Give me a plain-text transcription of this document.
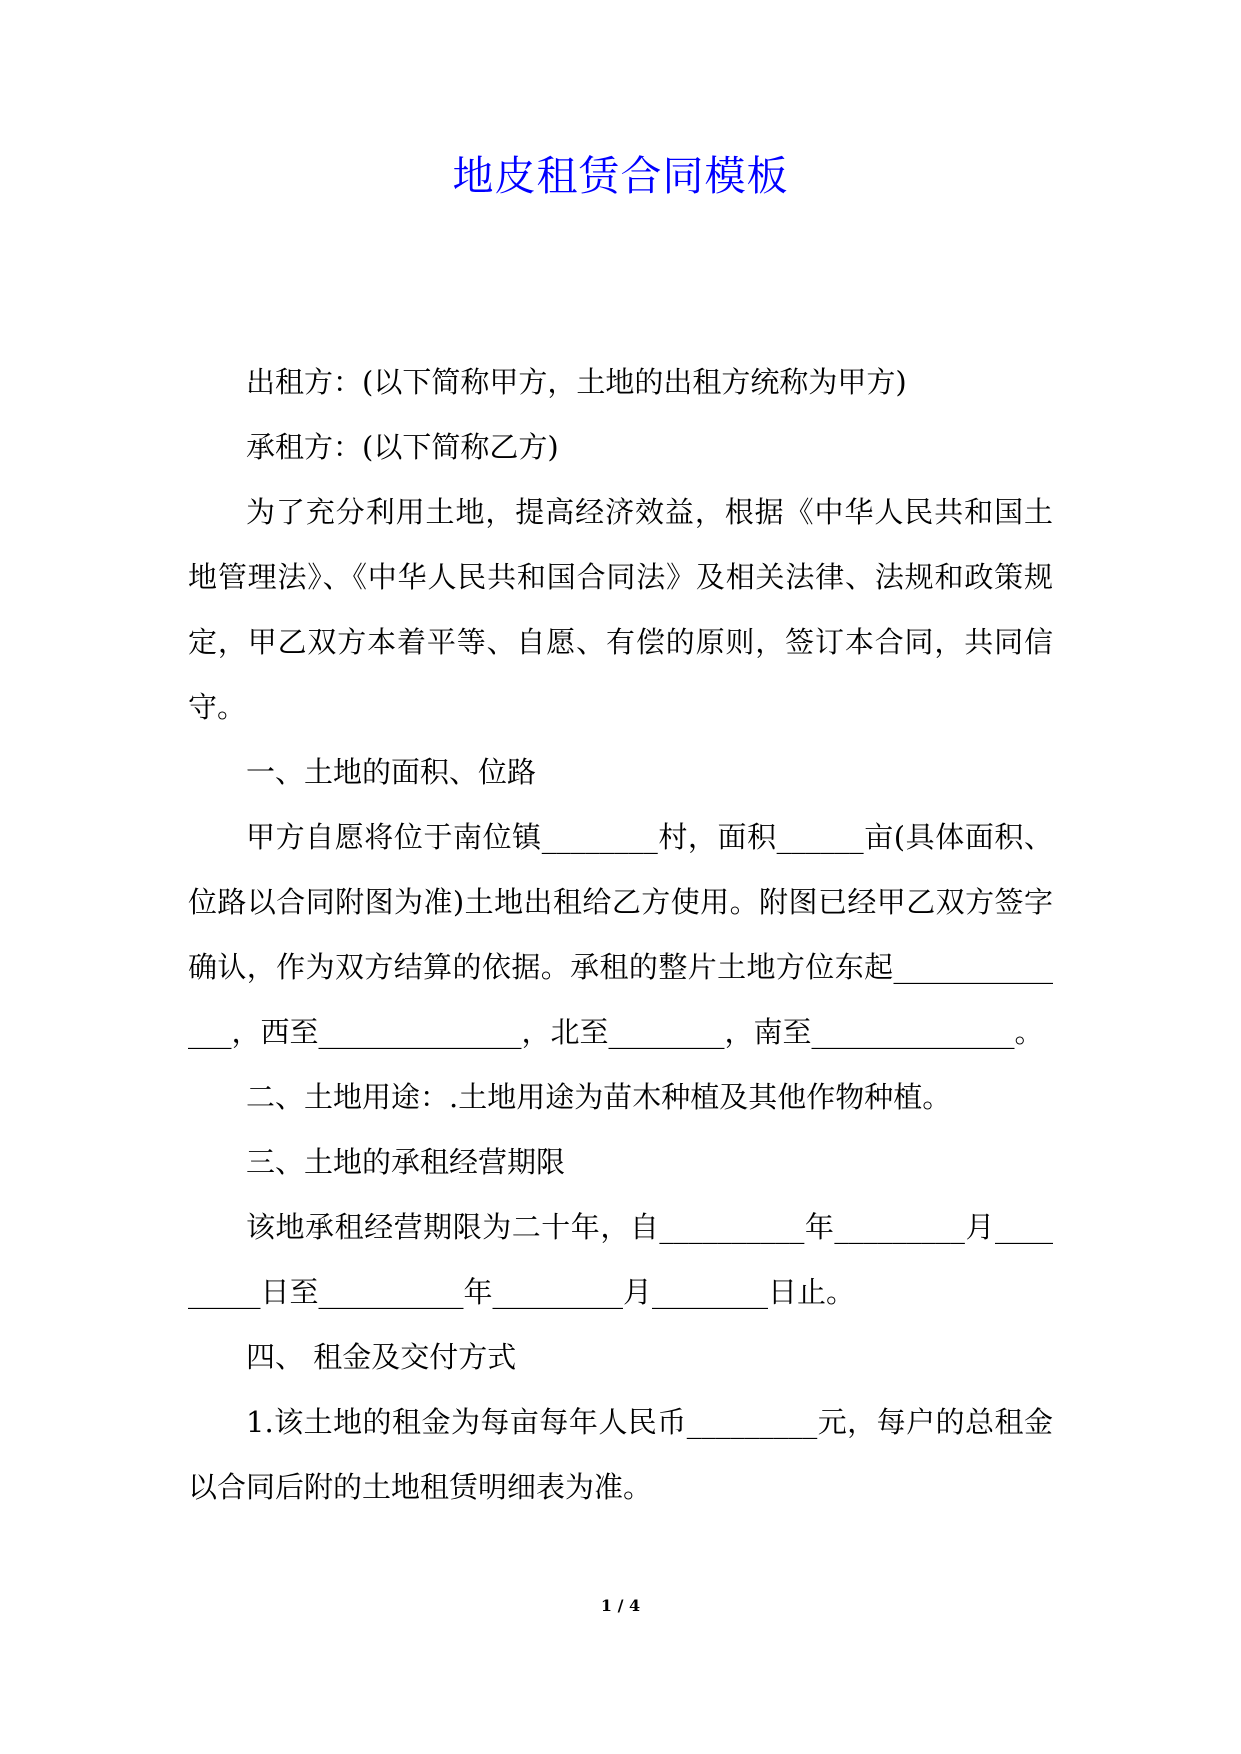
地皮租赁合同模板

出租方：(以下简称甲方，土地的出租方统称为甲方)

承租方：(以下简称乙方)

为了充分利用土地，提高经济效益，根据《中华人民共和国土地管理法》、《中华人民共和国合同法》及相关法律、法规和政策规定，甲乙双方本着平等、自愿、有偿的原则，签订本合同，共同信守。

一、土地的面积、位路

甲方自愿将位于南位镇________村，面积______亩(具体面积、位路以合同附图为准)土地出租给乙方使用。附图已经甲乙双方签字确认，作为双方结算的依据。承租的整片土地方位东起______________，西至______________，北至________，南至______________。

二、土地用途：.土地用途为苗木种植及其他作物种植。

三、土地的承租经营期限

该地承租经营期限为二十年，自__________年_________月_________日至__________年_________月________日止。

四、 租金及交付方式

1.该土地的租金为每亩每年人民币_________元，每户的总租金以合同后附的土地租赁明细表为准。

1 / 4
